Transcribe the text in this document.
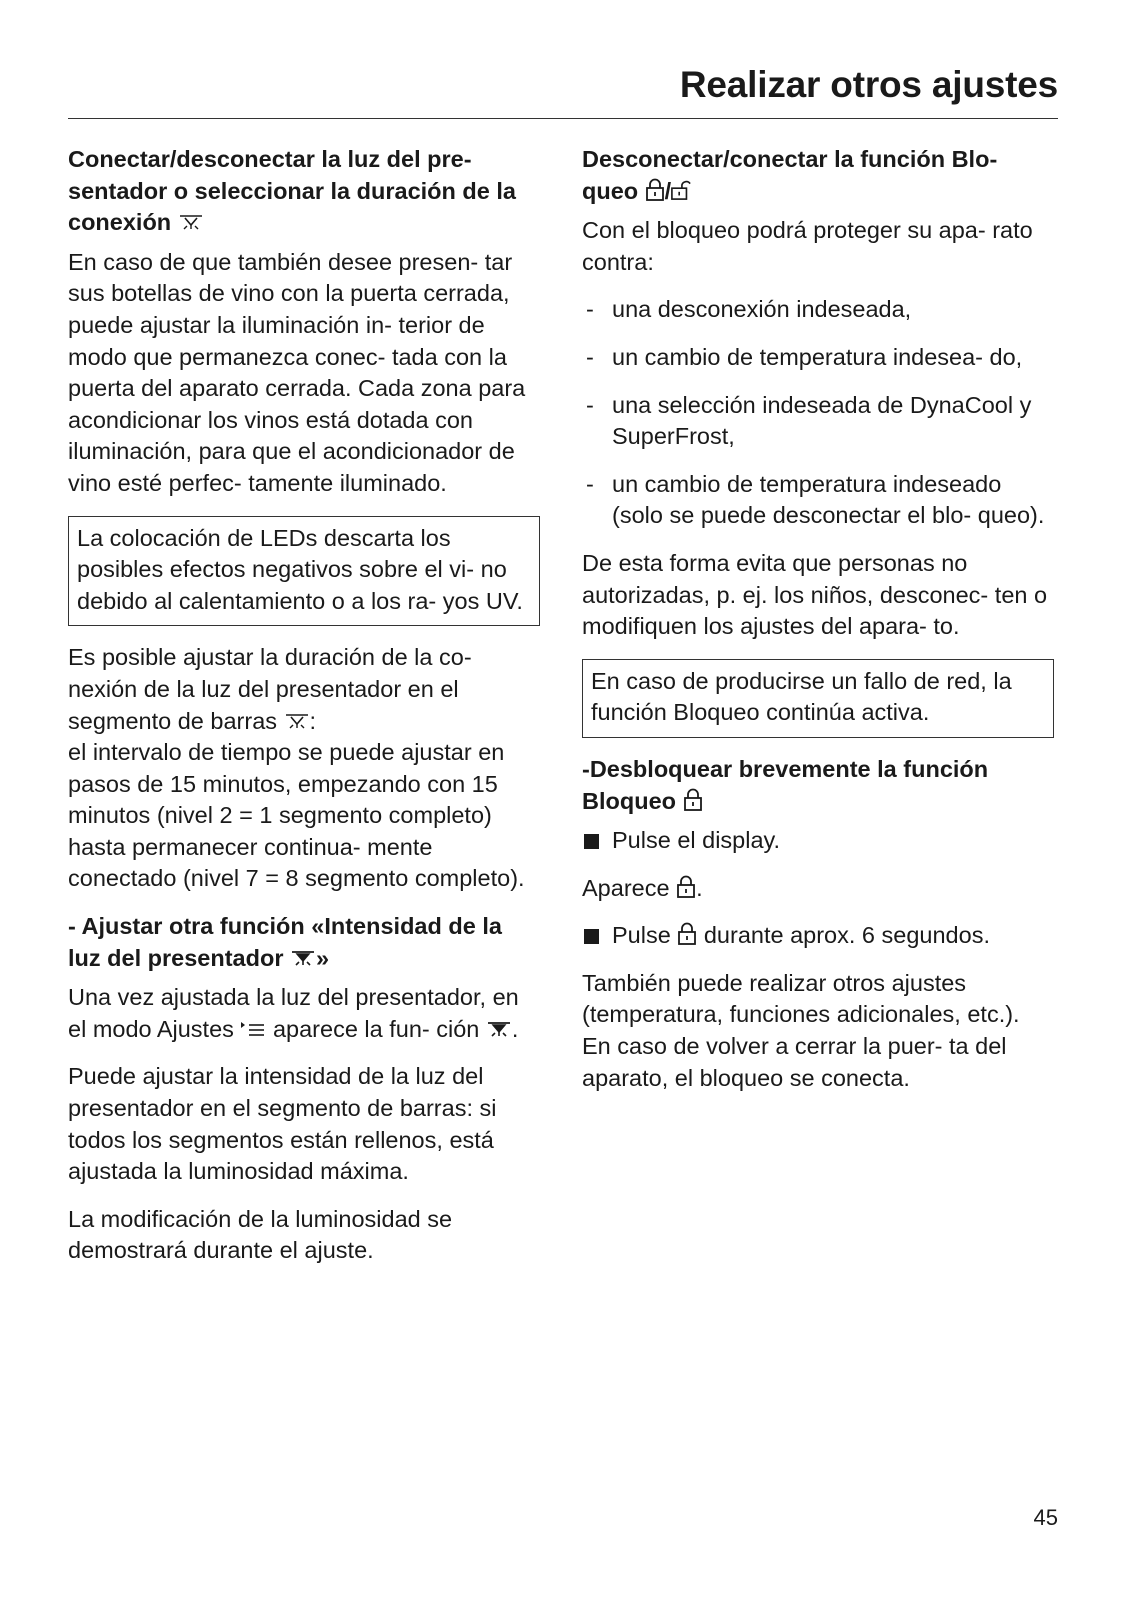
Realizar otros ajustes
Conectar/desconectar la luz del pre- sentador o seleccionar la duración de la conexión

En caso de que también desee presen- tar sus botellas de vino con la puerta cerrada, puede ajustar la iluminación in- terior de modo que permanezca conec- tada con la puerta del aparato cerrada. Cada zona para acondicionar los vinos está dotada con iluminación, para que el acondicionador de vino esté perfec- tamente iluminado.

La colocación de LEDs descarta los posibles efectos negativos sobre el vi- no debido al calentamiento o a los ra- yos UV.

Es posible ajustar la duración de la co- nexión de la luz del presentador en el segmento de barras :
el intervalo de tiempo se puede ajustar en pasos de 15 minutos, empezando con 15 minutos (nivel 2 = 1 segmento completo) hasta permanecer continua- mente conectado (nivel 7 = 8 segmento completo).

- Ajustar otra función «Intensidad de la luz del presentador »

Una vez ajustada la luz del presentador, en el modo Ajustes aparece la fun- ción .

Puede ajustar la intensidad de la luz del presentador en el segmento de barras: si todos los segmentos están rellenos, está ajustada la luminosidad máxima.

La modificación de la luminosidad se demostrará durante el ajuste.

Desconectar/conectar la función Blo- queo /

Con el bloqueo podrá proteger su apa- rato contra:

- una desconexión indeseada,
- un cambio de temperatura indesea- do,
- una selección indeseada de DynaCool y SuperFrost,
- un cambio de temperatura indeseado (solo se puede desconectar el blo- queo).

De esta forma evita que personas no autorizadas, p. ej. los niños, desconec- ten o modifiquen los ajustes del apara- to.

En caso de producirse un fallo de red, la función Bloqueo continúa activa.
-Desbloquear brevemente la función Bloqueo

Pulse el display.

Aparece .

Pulse durante aprox. 6 segundos.

También puede realizar otros ajustes (temperatura, funciones adicionales, etc.). En caso de volver a cerrar la puer- ta del aparato, el bloqueo se conecta.

45
